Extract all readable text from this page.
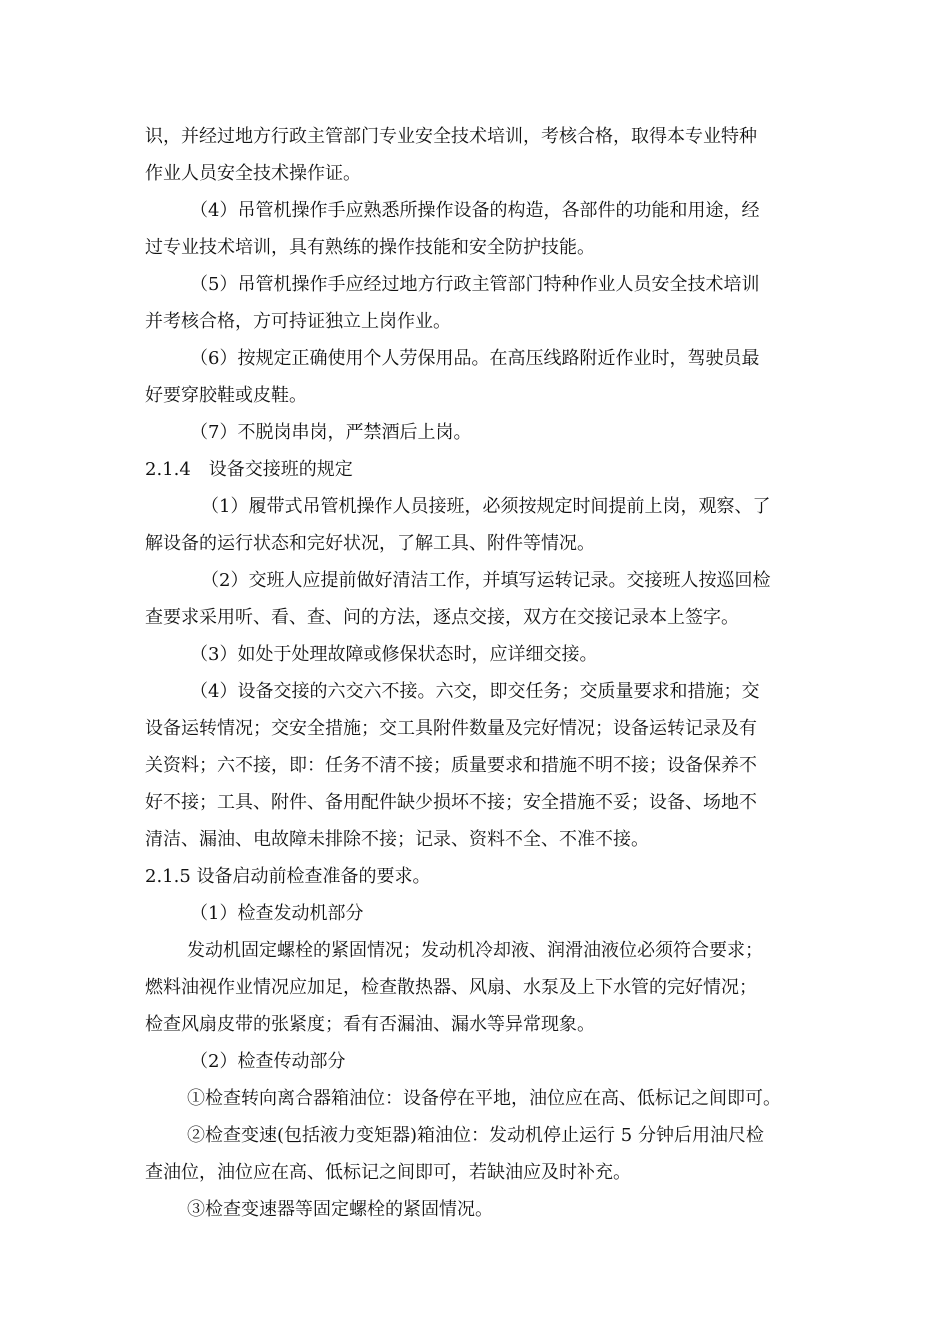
识，并经过地方行政主管部门专业安全技术培训，考核合格，取得本专业特种
作业人员安全技术操作证。
（4）吊管机操作手应熟悉所操作设备的构造，各部件的功能和用途，经
过专业技术培训，具有熟练的操作技能和安全防护技能。
（5）吊管机操作手应经过地方行政主管部门特种作业人员安全技术培训
并考核合格，方可持证独立上岗作业。
（6）按规定正确使用个人劳保用品。在高压线路附近作业时，驾驶员最
好要穿胶鞋或皮鞋。
（7）不脱岗串岗，严禁酒后上岗。
2.1.4　设备交接班的规定
（1）履带式吊管机操作人员接班，必须按规定时间提前上岗，观察、了
解设备的运行状态和完好状况，了解工具、附件等情况。
（2）交班人应提前做好清洁工作，并填写运转记录。交接班人按巡回检
查要求采用听、看、查、问的方法，逐点交接，双方在交接记录本上签字。
（3）如处于处理故障或修保状态时，应详细交接。
（4）设备交接的六交六不接。六交，即交任务；交质量要求和措施；交
设备运转情况；交安全措施；交工具附件数量及完好情况；设备运转记录及有
关资料；六不接，即：任务不清不接；质量要求和措施不明不接；设备保养不
好不接；工具、附件、备用配件缺少损坏不接；安全措施不妥；设备、场地不
清洁、漏油、电故障未排除不接；记录、资料不全、不准不接。
2.1.5 设备启动前检查准备的要求。
（1）检查发动机部分
发动机固定螺栓的紧固情况；发动机冷却液、润滑油液位必须符合要求；
燃料油视作业情况应加足，检查散热器、风扇、水泵及上下水管的完好情况；
检查风扇皮带的张紧度；看有否漏油、漏水等异常现象。
（2）检查传动部分
①检查转向离合器箱油位：设备停在平地，油位应在高、低标记之间即可。
②检查变速(包括液力变矩器)箱油位：发动机停止运行 5 分钟后用油尺检
查油位，油位应在高、低标记之间即可，若缺油应及时补充。
③检查变速器等固定螺栓的紧固情况。
